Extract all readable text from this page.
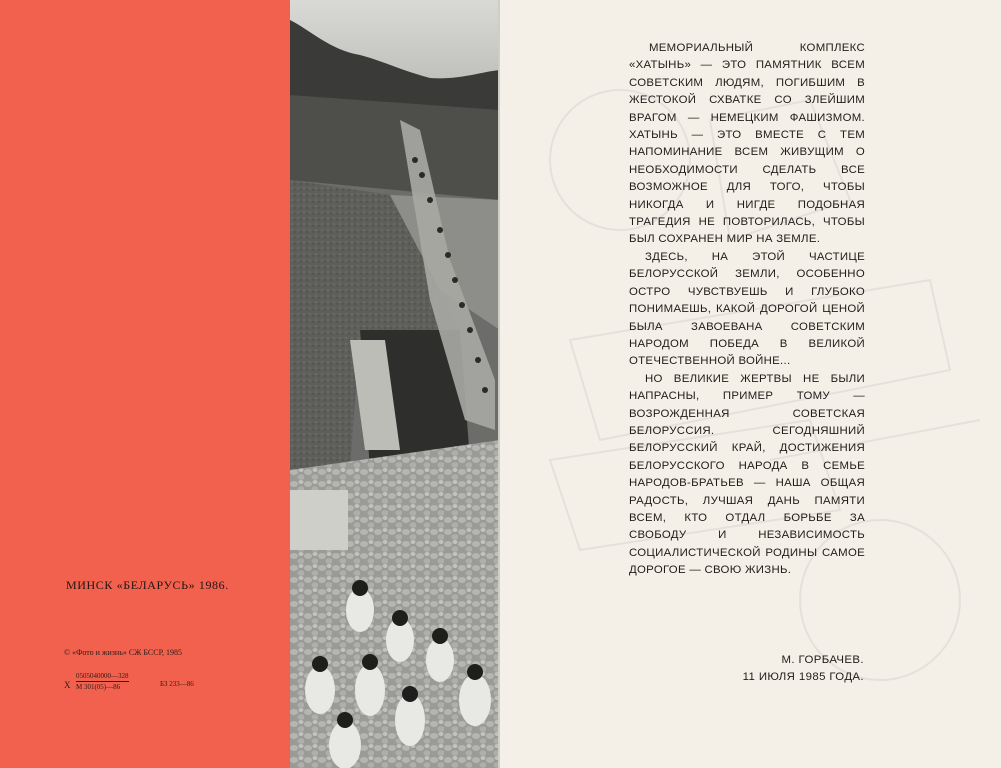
МИНСК «БЕЛАРУСЬ» 1986.
© «Фото и жизнь» СЖ БССР, 1985
Х
0505040000—328
М 301(05)—86	БЗ 233—86

МЕМОРИАЛЬНЫЙ КОМПЛЕКС «ХАТЫНЬ» — ЭТО ПАМЯТНИК ВСЕМ СОВЕТСКИМ ЛЮДЯМ, ПОГИБШИМ В ЖЕСТОКОЙ СХВАТКЕ СО ЗЛЕЙШИМ ВРАГОМ — НЕМЕЦКИМ ФАШИЗМОМ. ХАТЫНЬ — ЭТО ВМЕСТЕ С ТЕМ НАПОМИНАНИЕ ВСЕМ ЖИВУЩИМ О НЕОБХОДИМОСТИ СДЕЛАТЬ ВСЕ ВОЗМОЖНОЕ ДЛЯ ТОГО, ЧТОБЫ НИКОГДА И НИГДЕ ПОДОБНАЯ ТРАГЕДИЯ НЕ ПОВТОРИЛАСЬ, ЧТОБЫ БЫЛ СОХРАНЕН МИР НА ЗЕМЛЕ.

ЗДЕСЬ, НА ЭТОЙ ЧАСТИЦЕ БЕЛОРУССКОЙ ЗЕМЛИ, ОСОБЕННО ОСТРО ЧУВСТВУЕШЬ И ГЛУБОКО ПОНИМАЕШЬ, КАКОЙ ДОРОГОЙ ЦЕНОЙ БЫЛА ЗАВОЕВАНА СОВЕТСКИМ НАРОДОМ ПОБЕДА В ВЕЛИКОЙ ОТЕЧЕСТВЕННОЙ ВОЙНЕ...

НО ВЕЛИКИЕ ЖЕРТВЫ НЕ БЫЛИ НАПРАСНЫ, ПРИМЕР ТОМУ — ВОЗРОЖДЕННАЯ СОВЕТСКАЯ БЕЛОРУССИЯ. СЕГОДНЯШНИЙ БЕЛОРУССКИЙ КРАЙ, ДОСТИЖЕНИЯ БЕЛОРУССКОГО НАРОДА В СЕМЬЕ НАРОДОВ-БРАТЬЕВ — НАША ОБЩАЯ РАДОСТЬ, ЛУЧШАЯ ДАНЬ ПАМЯТИ ВСЕМ, КТО ОТДАЛ БОРЬБЕ ЗА СВОБОДУ И НЕЗАВИСИМОСТЬ СОЦИАЛИСТИЧЕСКОЙ РОДИНЫ САМОЕ ДОРОГОЕ — СВОЮ ЖИЗНЬ.

М. ГОРБАЧЕВ.
11 ИЮЛЯ 1985 ГОДА.
